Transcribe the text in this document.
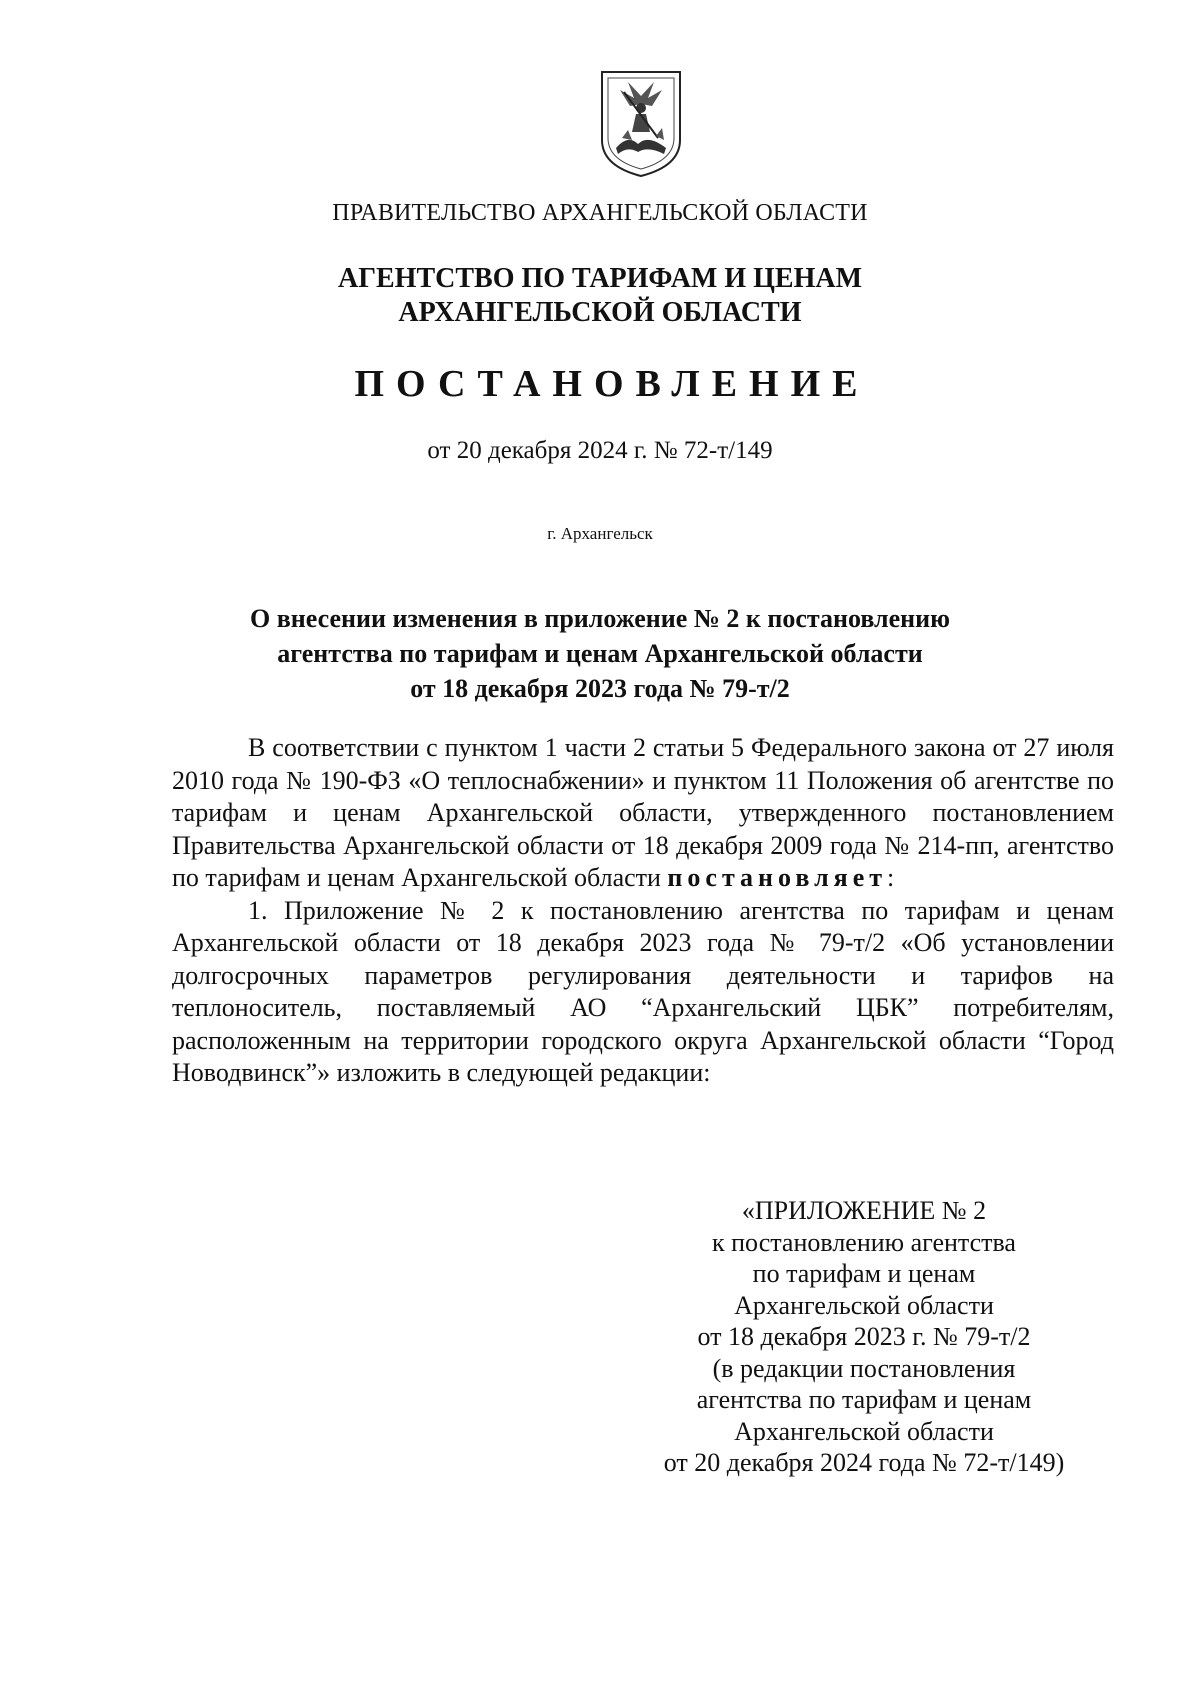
ПРАВИТЕЛЬСТВО АРХАНГЕЛЬСКОЙ ОБЛАСТИ
АГЕНТСТВО ПО ТАРИФАМ И ЦЕНАМ
АРХАНГЕЛЬСКОЙ ОБЛАСТИ
ПОСТАНОВЛЕНИЕ
от 20 декабря 2024 г. № 72-т/149
г. Архангельск
О внесении изменения в приложение № 2 к постановлению
агентства по тарифам и ценам Архангельской области
от 18 декабря 2023 года № 79-т/2

В соответствии с пунктом 1 части 2 статьи 5 Федерального закона от 27 июля 2010 года № 190-ФЗ «О теплоснабжении» и пунктом 11 Положения об агентстве по тарифам и ценам Архангельской области, утвержденного постановлением Правительства Архангельской области от 18 декабря 2009 года № 214-пп, агентство по тарифам и ценам Архангельской области постановляет:

1. Приложение № 2 к постановлению агентства по тарифам и ценам Архангельской области от 18 декабря 2023 года № 79-т/2 «Об установлении долгосрочных параметров регулирования деятельности и тарифов на теплоноситель, поставляемый АО “Архангельский ЦБК” потребителям, расположенным на территории городского округа Архангельской области “Город Новодвинск”» изложить в следующей редакции:

«ПРИЛОЖЕНИЕ № 2
к постановлению агентства
по тарифам и ценам
Архангельской области
от 18 декабря 2023 г. № 79-т/2
(в редакции постановления
агентства по тарифам и ценам
Архангельской области
от 20 декабря 2024 года № 72-т/149)
